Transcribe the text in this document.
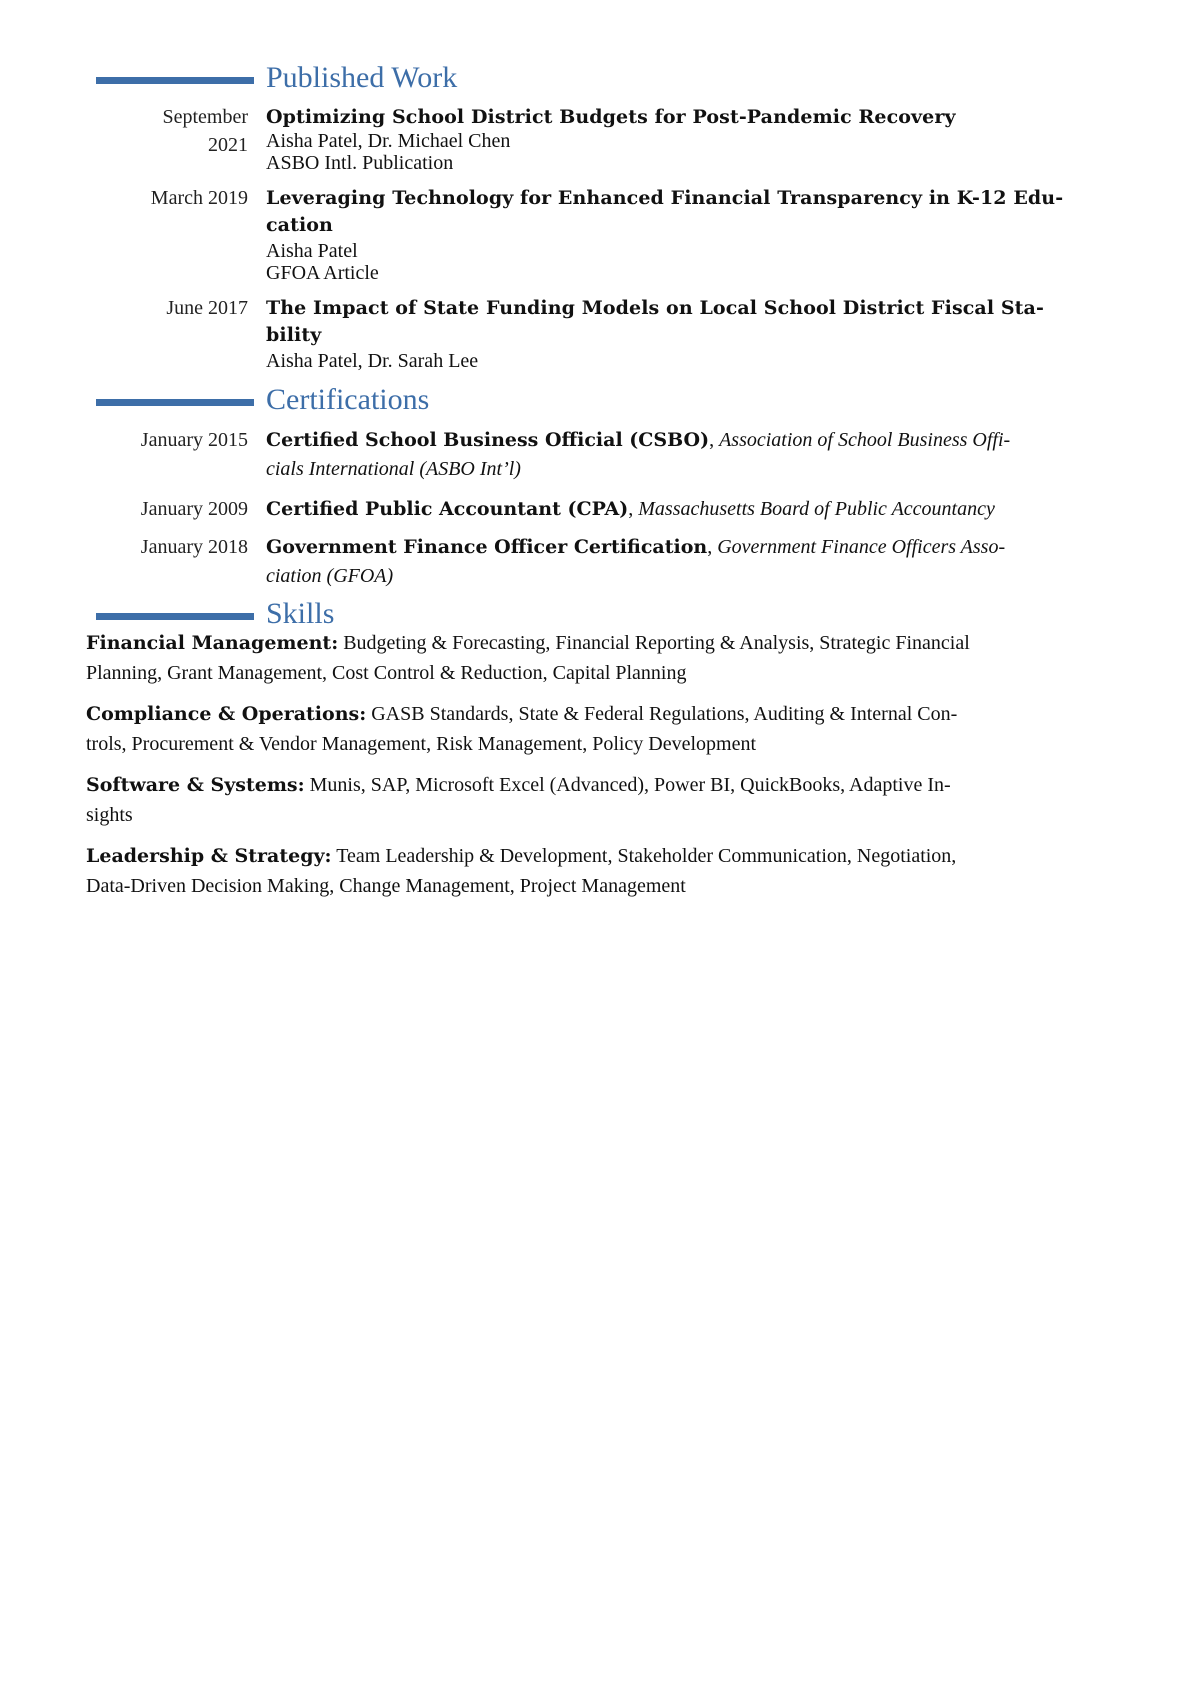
Published Work
September
2021
Optimizing School District Budgets for Post-Pandemic Recovery
Aisha Patel, Dr. Michael Chen
ASBO Intl. Publication
March 2019 Leveraging Technology for Enhanced Financial Transparency in K-12 Edu-
cation
Aisha Patel
GFOA Article
June 2017 The Impact of State Funding Models on Local School District Fiscal Sta-
bility
Aisha Patel, Dr. Sarah Lee
Certifications
January 2015 Certified School Business Official (CSBO), Association of School Business Offi-
cials International (ASBO Int’l)
January 2009 Certified Public Accountant (CPA), Massachusetts Board of Public Accountancy
January 2018 Government Finance Officer Certification, Government Finance Officers Asso-
ciation (GFOA)
Skills
Financial Management: Budgeting & Forecasting, Financial Reporting & Analysis, Strategic Financial
Planning, Grant Management, Cost Control & Reduction, Capital Planning
Compliance & Operations: GASB Standards, State & Federal Regulations, Auditing & Internal Con-
trols, Procurement & Vendor Management, Risk Management, Policy Development
Software & Systems: Munis, SAP, Microsoft Excel (Advanced), Power BI, QuickBooks, Adaptive In-
sights
Leadership & Strategy: Team Leadership & Development, Stakeholder Communication, Negotiation,
Data-Driven Decision Making, Change Management, Project Management
